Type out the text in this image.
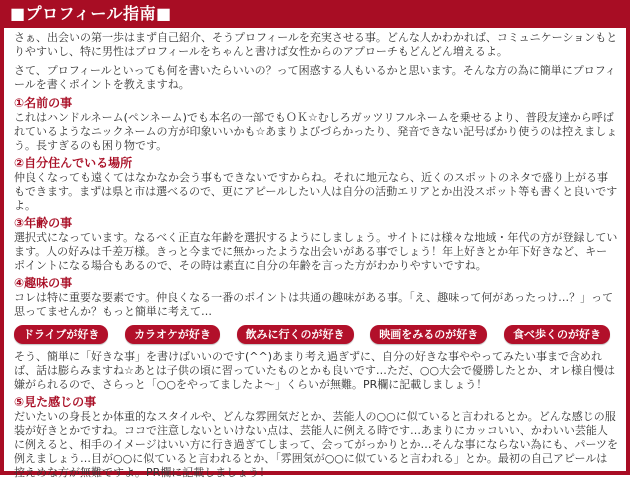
■プロフィール指南■

さぁ、出会いの第一歩はまず自己紹介、そうプロフィールを充実させる事。どんな人かわかれば、コミュニケーションもとりやすいし、特に男性はプロフィールをちゃんと書けば女性からのアプローチもどんどん増えるよ。

さて、プロフィールといっても何を書いたらいいの？って困惑する人もいるかと思います。そんな方の為に簡単にプロフィールを書くポイントを教えますね。

①名前の事

これはハンドルネーム(ペンネーム)でも本名の一部でもＯＫ☆むしろガッツリフルネームを乗せるより、普段友達から呼ばれているようなニックネームの方が印象いいかも☆あまりよびづらかったり、発音できない記号ばかり使うのは控えましょう。長すぎるのも困り物です。

②自分住んでいる場所

仲良くなっても遠くてはなかなか会う事もできないですからね。それに地元なら、近くのスポットのネタで盛り上がる事もできます。まずは県と市は選べるので、更にアピールしたい人は自分の活動エリアとか出没スポット等も書くと良いですよ。

③年齢の事

選択式になっています。なるべく正直な年齢を選択するようにしましょう。サイトには様々な地域・年代の方が登録しています。人の好みは千差万様。きっと今までに無かったような出会いがある事でしょう！年上好きとか年下好きなど、キーポイントになる場合もあるので、その時は素直に自分の年齢を言った方がわかりやすいですね。

④趣味の事

コレは特に重要な要素です。仲良くなる一番のポイントは共通の趣味がある事。「え、趣味って何があったっけ…？」って思ってませんか？もっと簡単に考えて…

ドライブが好き	カラオケが好き	飲みに行くのが好き	映画をみるのが好き	食べ歩くのが好き

そう、簡単に「好きな事」を書けばいいのです(^^)あまり考え過ぎずに、自分の好きな事ややってみたい事まで含めれば、話は膨らみますね☆あとは子供の頃に習っていたものとかも良いです…ただ、○○大会で優勝したとか、オレ様自慢は嫌がられるので、さらっと「○○をやってましたよ～」くらいが無難。PR欄に記載しましょう！

⑤見た感じの事

だいたいの身長とか体重的なスタイルや、どんな雰囲気だとか、芸能人の○○に似ていると言われるとか。どんな感じの服装が好きとかですね。ココで注意しないといけない点は、芸能人に例える時です…あまりにカッコいい、かわいい芸能人に例えると、相手のイメージはいい方に行き過ぎてしまって、会ってがっかりとか…そんな事にならない為にも、パーツを例えましょう…目が○○に似ていると言われるとか、「雰囲気が○○に似ていると言われる」とか。最初の自己アピールは控えめな方が無難ですよ。PR欄に記載しましょう！
